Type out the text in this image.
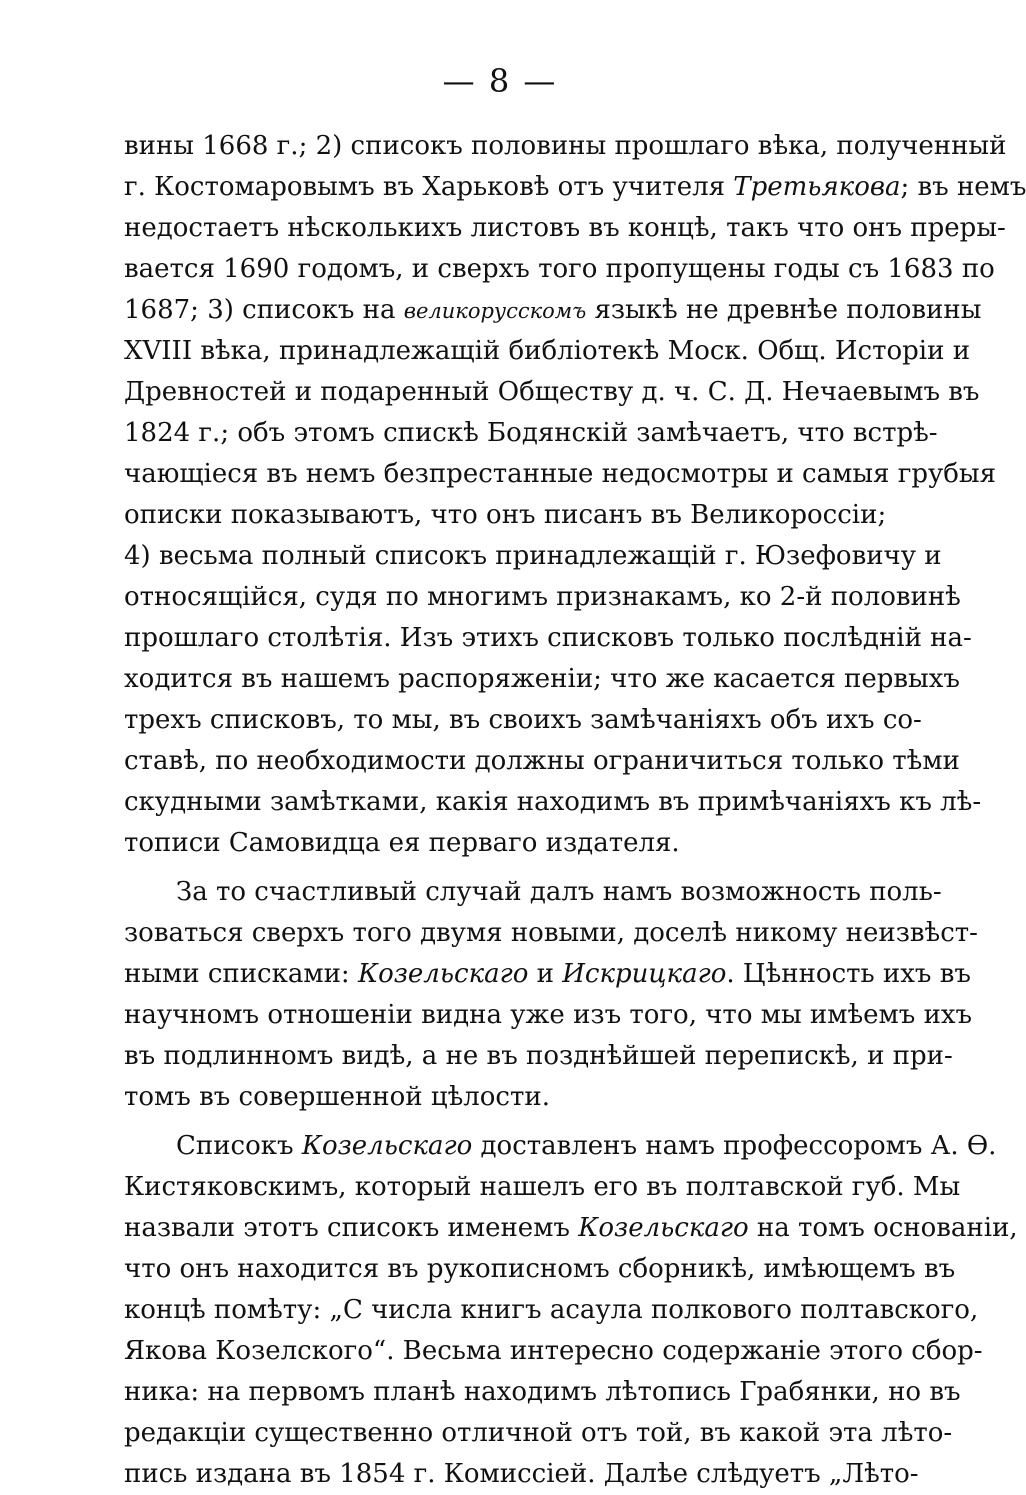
— 8 —
вины 1668 г.; 2) списокъ половины прошлаго вѣка, полученный
г. Костомаровымъ въ Харьковѣ отъ учителя Третьякова; въ немъ
недостаетъ нѣсколькихъ листовъ въ концѣ, такъ что онъ преры-
вается 1690 годомъ, и сверхъ того пропущены годы съ 1683 по
1687; 3) списокъ на великорусскомъ языкѣ не древнѣе половины
XVIII вѣка, принадлежащій библіотекѣ Моск. Общ. Исторіи и
Древностей и подаренный Обществу д. ч. С. Д. Нечаевымъ въ
1824 г.; объ этомъ спискѣ Бодянскій замѣчаетъ, что встрѣ-
чающіеся въ немъ безпрестанные недосмотры и самыя грубыя
описки показываютъ, что онъ писанъ въ Великороссіи;
4) весьма полный списокъ принадлежащій г. Юзефовичу и
относящійся, судя по многимъ признакамъ, ко 2-й половинѣ
прошлаго столѣтія. Изъ этихъ списковъ только послѣдній на-
ходится въ нашемъ распоряженіи; что же касается первыхъ
трехъ списковъ, то мы, въ своихъ замѣчаніяхъ объ ихъ со-
ставѣ, по необходимости должны ограничиться только тѣми
скудными замѣтками, какія находимъ въ примѣчаніяхъ къ лѣ-
тописи Самовидца ея перваго издателя.
За то счастливый случай далъ намъ возможность поль-
зоваться сверхъ того двумя новыми, доселѣ никому неизвѣст-
ными списками: Козельскаго и Искрицкаго. Цѣнность ихъ въ
научномъ отношеніи видна уже изъ того, что мы имѣемъ ихъ
въ подлинномъ видѣ, а не въ позднѣйшей перепискѣ, и при-
томъ въ совершенной цѣлости.
Списокъ Козельскаго доставленъ намъ профессоромъ А. Ѳ.
Кистяковскимъ, который нашелъ его въ полтавской губ. Мы
назвали этотъ списокъ именемъ Козельскаго на томъ основаніи,
что онъ находится въ рукописномъ сборникѣ, имѣющемъ въ
концѣ помѣту: „С числа книгъ асаула полкового полтавского,
Якова Козелского“. Весьма интересно содержаніе этого сбор-
ника: на первомъ планѣ находимъ лѣтопись Грабянки, но въ
редакціи существенно отличной отъ той, въ какой эта лѣто-
пись издана въ 1854 г. Комиссіей. Далѣе слѣдуетъ „Лѣто-
